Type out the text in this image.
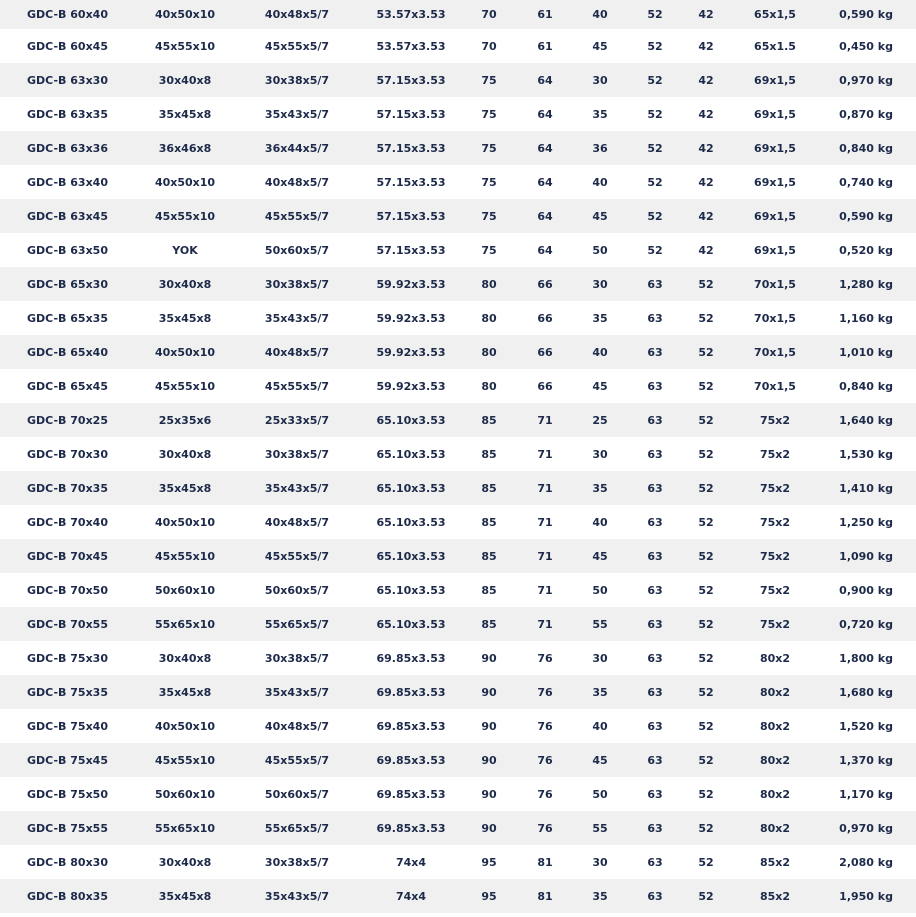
GDC-B 60x40	40x50x10	40x48x5/7	53.57x3.53	70	61	40	52	42	65x1,5	0,590 kg
GDC-B 60x45	45x55x10	45x55x5/7	53.57x3.53	70	61	45	52	42	65x1.5	0,450 kg
GDC-B 63x30	30x40x8	30x38x5/7	57.15x3.53	75	64	30	52	42	69x1,5	0,970 kg
GDC-B 63x35	35x45x8	35x43x5/7	57.15x3.53	75	64	35	52	42	69x1,5	0,870 kg
GDC-B 63x36	36x46x8	36x44x5/7	57.15x3.53	75	64	36	52	42	69x1,5	0,840 kg
GDC-B 63x40	40x50x10	40x48x5/7	57.15x3.53	75	64	40	52	42	69x1,5	0,740 kg
GDC-B 63x45	45x55x10	45x55x5/7	57.15x3.53	75	64	45	52	42	69x1,5	0,590 kg
GDC-B 63x50	YOK	50x60x5/7	57.15x3.53	75	64	50	52	42	69x1,5	0,520 kg
GDC-B 65x30	30x40x8	30x38x5/7	59.92x3.53	80	66	30	63	52	70x1,5	1,280 kg
GDC-B 65x35	35x45x8	35x43x5/7	59.92x3.53	80	66	35	63	52	70x1,5	1,160 kg
GDC-B 65x40	40x50x10	40x48x5/7	59.92x3.53	80	66	40	63	52	70x1,5	1,010 kg
GDC-B 65x45	45x55x10	45x55x5/7	59.92x3.53	80	66	45	63	52	70x1,5	0,840 kg
GDC-B 70x25	25x35x6	25x33x5/7	65.10x3.53	85	71	25	63	52	75x2	1,640 kg
GDC-B 70x30	30x40x8	30x38x5/7	65.10x3.53	85	71	30	63	52	75x2	1,530 kg
GDC-B 70x35	35x45x8	35x43x5/7	65.10x3.53	85	71	35	63	52	75x2	1,410 kg
GDC-B 70x40	40x50x10	40x48x5/7	65.10x3.53	85	71	40	63	52	75x2	1,250 kg
GDC-B 70x45	45x55x10	45x55x5/7	65.10x3.53	85	71	45	63	52	75x2	1,090 kg
GDC-B 70x50	50x60x10	50x60x5/7	65.10x3.53	85	71	50	63	52	75x2	0,900 kg
GDC-B 70x55	55x65x10	55x65x5/7	65.10x3.53	85	71	55	63	52	75x2	0,720 kg
GDC-B 75x30	30x40x8	30x38x5/7	69.85x3.53	90	76	30	63	52	80x2	1,800 kg
GDC-B 75x35	35x45x8	35x43x5/7	69.85x3.53	90	76	35	63	52	80x2	1,680 kg
GDC-B 75x40	40x50x10	40x48x5/7	69.85x3.53	90	76	40	63	52	80x2	1,520 kg
GDC-B 75x45	45x55x10	45x55x5/7	69.85x3.53	90	76	45	63	52	80x2	1,370 kg
GDC-B 75x50	50x60x10	50x60x5/7	69.85x3.53	90	76	50	63	52	80x2	1,170 kg
GDC-B 75x55	55x65x10	55x65x5/7	69.85x3.53	90	76	55	63	52	80x2	0,970 kg
GDC-B 80x30	30x40x8	30x38x5/7	74x4	95	81	30	63	52	85x2	2,080 kg
GDC-B 80x35	35x45x8	35x43x5/7	74x4	95	81	35	63	52	85x2	1,950 kg
